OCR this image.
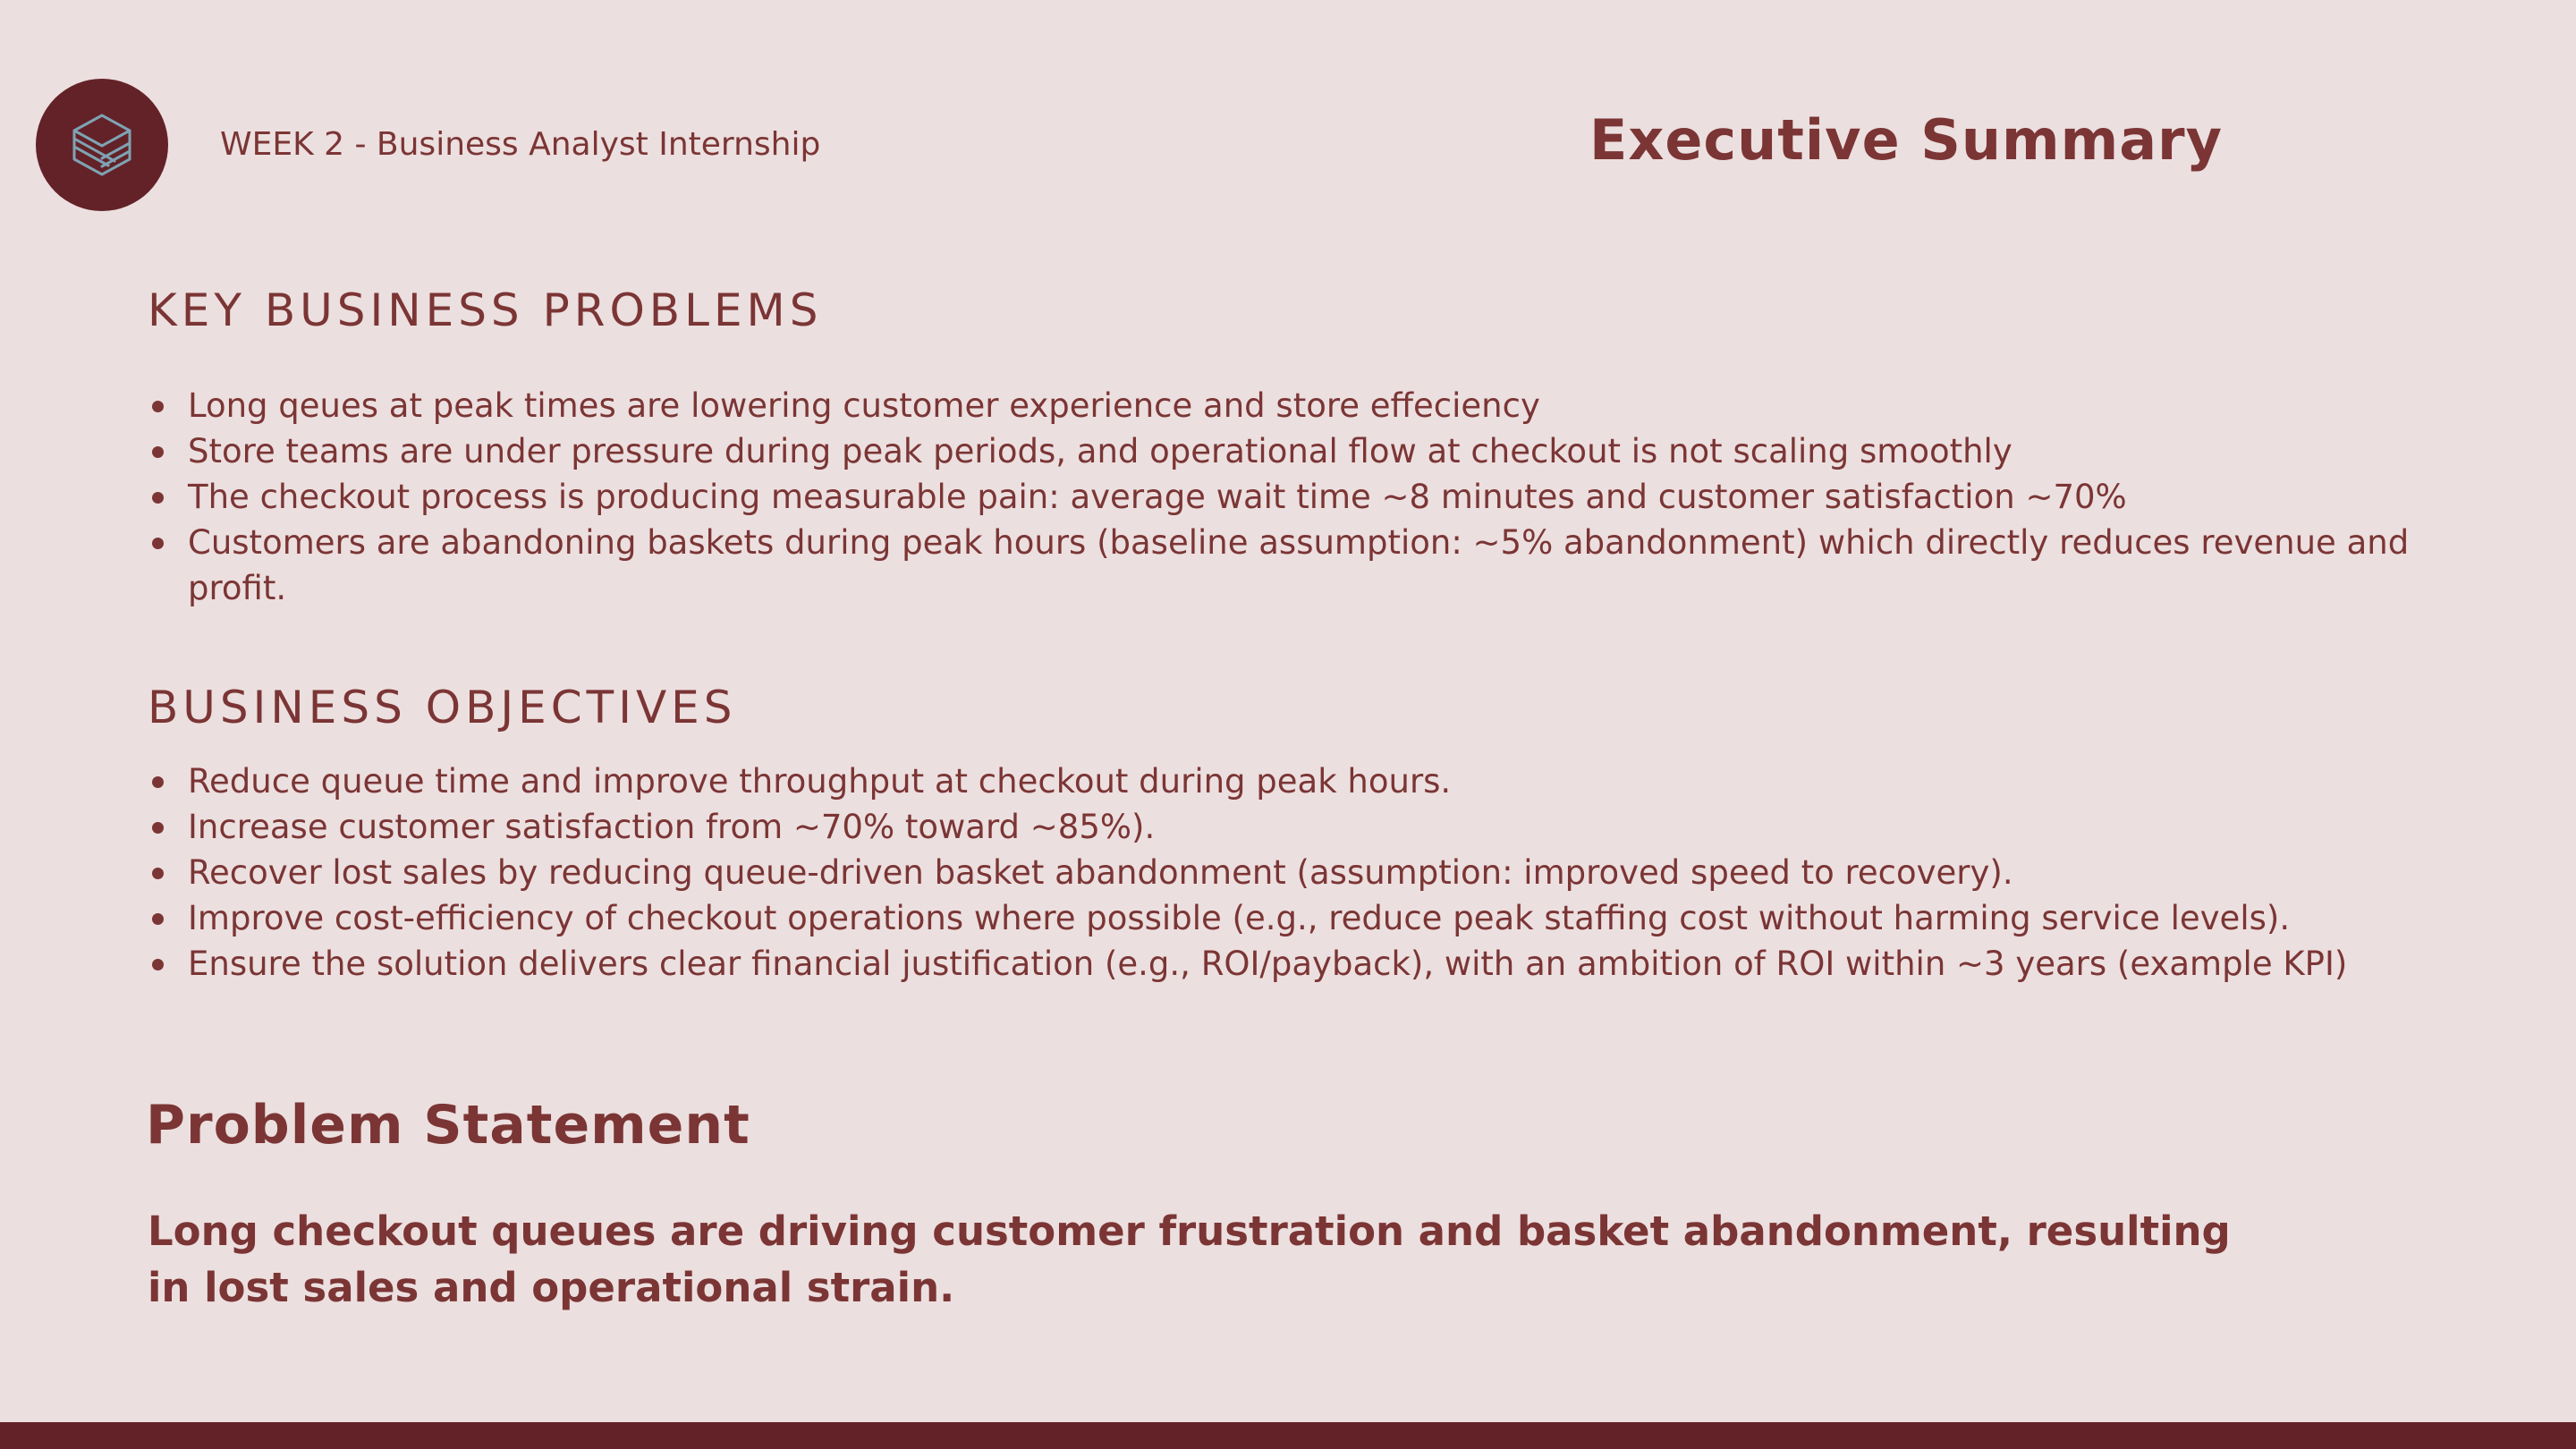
WEEK 2 - Business Analyst Internship	Executive Summary
KEY BUSINESS PROBLEMS
Long qeues at peak times are lowering customer experience and store effeciency
Store teams are under pressure during peak periods, and operational flow at checkout is not scaling smoothly
The checkout process is producing measurable pain: average wait time ~8 minutes and customer satisfaction ~70%
Customers are abandoning baskets during peak hours (baseline assumption: ~5% abandonment) which directly reduces revenue and profit.
BUSINESS OBJECTIVES
Reduce queue time and improve throughput at checkout during peak hours.
Increase customer satisfaction from ~70% toward ~85%).
Recover lost sales by reducing queue-driven basket abandonment (assumption: improved speed to recovery).
Improve cost-efficiency of checkout operations where possible (e.g., reduce peak staffing cost without harming service levels).
Ensure the solution delivers clear financial justification (e.g., ROI/payback), with an ambition of ROI within ~3 years (example KPI)
Problem Statement
Long checkout queues are driving customer frustration and basket abandonment, resulting in lost sales and operational strain.
